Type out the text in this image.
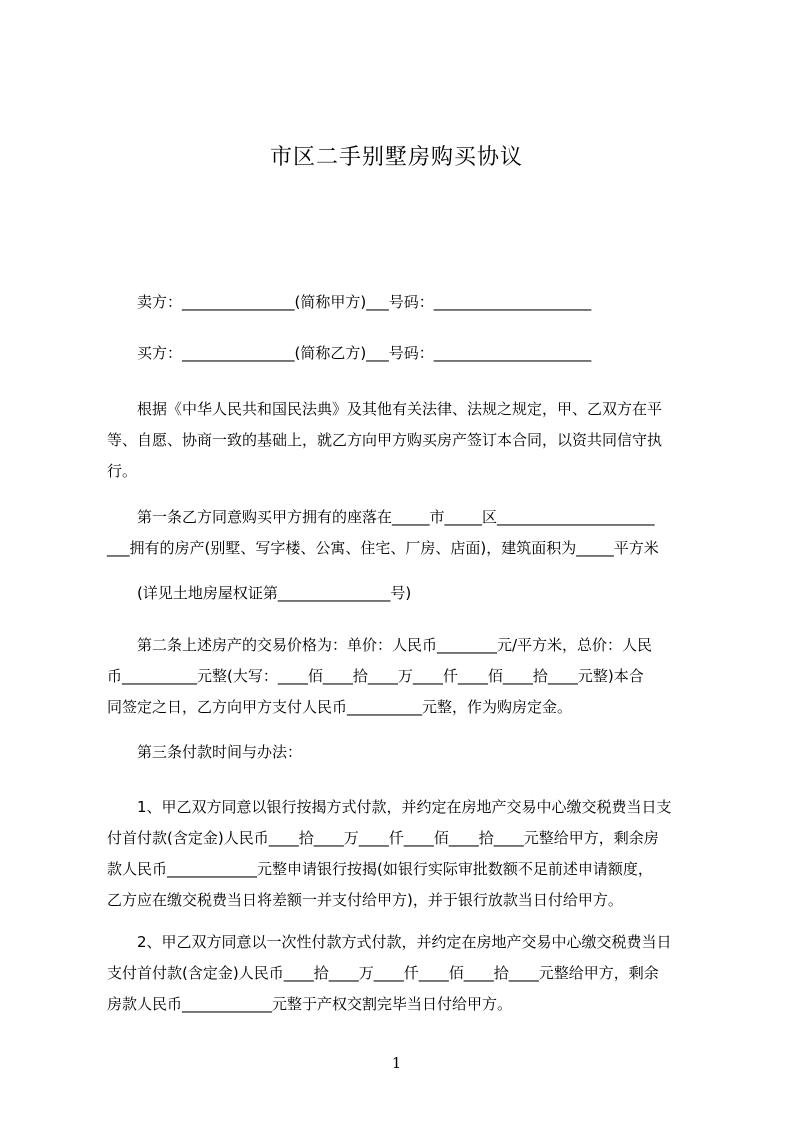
市区二手别墅房购买协议

卖方：_______________(简称甲方)___号码：_____________________

买方：_______________(简称乙方)___号码：_____________________

根据《中华人民共和国民法典》及其他有关法律、法规之规定，甲、乙双方在平
等、自愿、协商一致的基础上，就乙方向甲方购买房产签订本合同，以资共同信守执
行。

第一条乙方同意购买甲方拥有的座落在_____市_____区_____________________
___拥有的房产(别墅、写字楼、公寓、住宅、厂房、店面)，建筑面积为_____平方米

(详见土地房屋权证第_______________号)

第二条上述房产的交易价格为：单价：人民币________元/平方米，总价：人民
币__________元整(大写：____佰____拾____万____仟____佰____拾____元整)本合
同签定之日，乙方向甲方支付人民币__________元整，作为购房定金。

第三条付款时间与办法：

1、甲乙双方同意以银行按揭方式付款，并约定在房地产交易中心缴交税费当日支
付首付款(含定金)人民币____拾____万____仟____佰____拾____元整给甲方，剩余房
款人民币____________元整申请银行按揭(如银行实际审批数额不足前述申请额度，
乙方应在缴交税费当日将差额一并支付给甲方)，并于银行放款当日付给甲方。

2、甲乙双方同意以一次性付款方式付款，并约定在房地产交易中心缴交税费当日
支付首付款(含定金)人民币____拾____万____仟____佰____拾____元整给甲方，剩余
房款人民币____________元整于产权交割完毕当日付给甲方。

1
